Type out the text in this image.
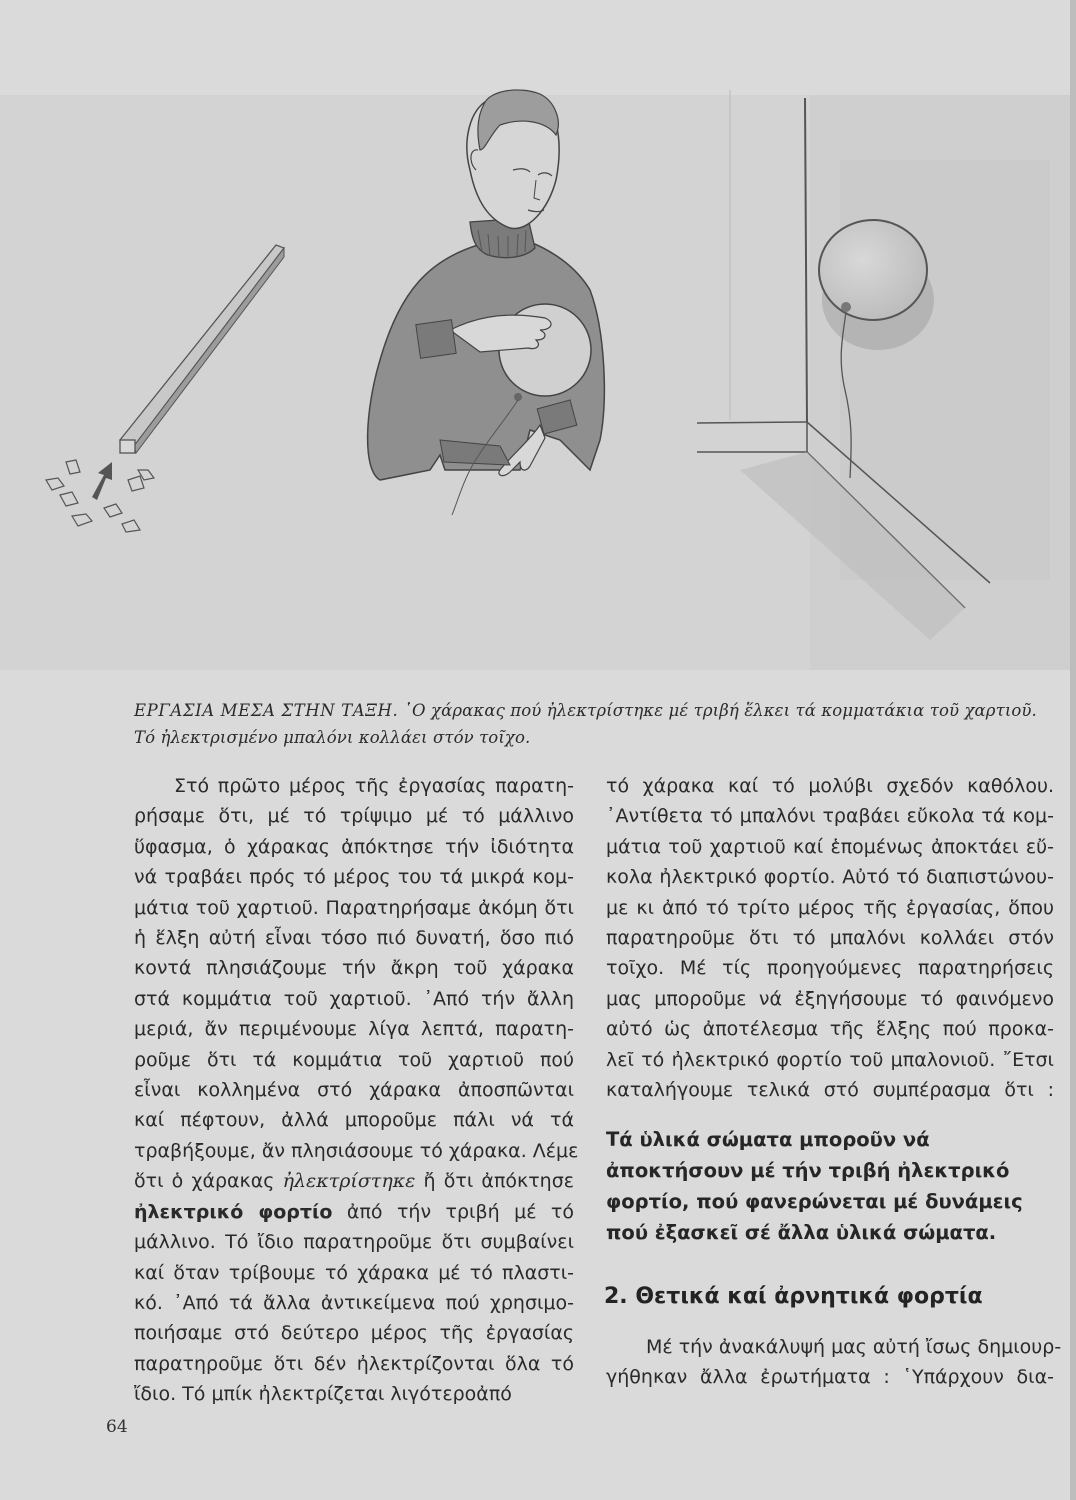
ΕΡΓΑΣΙΑ ΜΕΣΑ ΣΤΗΝ ΤΑΞΗ. ῾Ο χάρακας πού ἠλεκτρίστηκε μέ τριβή ἕλκει τά κομματάκια τοῦ χαρτιοῦ.
Τό ἠλεκτρισμένο μπαλόνι κολλάει στόν τοῖχο.
Στό πρῶτο μέρος τῆς ἐργασίας παρατη-
ρήσαμε ὅτι, μέ τό τρίψιμο μέ τό μάλλινο
ὕφασμα, ὁ χάρακας ἀπόκτησε τήν ἰδιότητα
νά τραβάει πρός τό μέρος του τά μικρά κομ-
μάτια τοῦ χαρτιοῦ. Παρατηρήσαμε ἀκόμη ὅτι
ἡ ἕλξη αὐτή εἶναι τόσο πιό δυνατή, ὅσο πιό
κοντά πλησιάζουμε τήν ἄκρη τοῦ χάρακα
στά κομμάτια τοῦ χαρτιοῦ. ᾿Από τήν ἄλλη
μεριά, ἄν περιμένουμε λίγα λεπτά, παρατη-
ροῦμε ὅτι τά κομμάτια τοῦ χαρτιοῦ πού
εἶναι κολλημένα στό χάρακα ἀποσπῶνται
καί πέφτουν, ἀλλά μποροῦμε πάλι νά τά
τραβήξουμε, ἄν πλησιάσουμε τό χάρακα. Λέμε
ὅτι ὁ χάρακας ἠλεκτρίστηκε ἤ ὅτι ἀπόκτησε
ἠλεκτρικό φορτίο ἀπό τήν τριβή μέ τό
μάλλινο. Τό ἴδιο παρατηροῦμε ὅτι συμβαίνει
καί ὅταν τρίβουμε τό χάρακα μέ τό πλαστι-
κό. ᾿Από τά ἄλλα ἀντικείμενα πού χρησιμο-
ποιήσαμε στό δεύτερο μέρος τῆς ἐργασίας
παρατηροῦμε ὅτι δέν ἠλεκτρίζονται ὅλα τό
ἴδιο. Τό μπίκ ἠλεκτρίζεται λιγότεροἀπό
τό χάρακα καί τό μολύβι σχεδόν καθόλου.
᾿Αντίθετα τό μπαλόνι τραβάει εὔκολα τά κομ-
μάτια τοῦ χαρτιοῦ καί ἑπομένως ἀποκτάει εὔ-
κολα ἠλεκτρικό φορτίο. Αὐτό τό διαπιστώνου-
με κι ἀπό τό τρίτο μέρος τῆς ἐργασίας, ὅπου
παρατηροῦμε ὅτι τό μπαλόνι κολλάει στόν
τοῖχο. Μέ τίς προηγούμενες παρατηρήσεις
μας μποροῦμε νά ἐξηγήσουμε τό φαινόμενο
αὐτό ὡς ἀποτέλεσμα τῆς ἕλξης πού προκα-
λεῖ τό ἠλεκτρικό φορτίο τοῦ μπαλονιοῦ. ῎Ετσι
καταλήγουμε τελικά στό συμπέρασμα ὅτι :
Τά ὑλικά σώματα μποροῦν νά
ἀποκτήσουν μέ τήν τριβή ἠλεκτρικό
φορτίο, πού φανερώνεται μέ δυνάμεις
πού ἐξασκεῖ σέ ἄλλα ὑλικά σώματα.
2. Θετικά καί ἀρνητικά φορτία
Μέ τήν ἀνακάλυψή μας αὐτή ἴσως δημιουρ-
γήθηκαν ἄλλα ἐρωτήματα : ῾Υπάρχουν δια-
64
